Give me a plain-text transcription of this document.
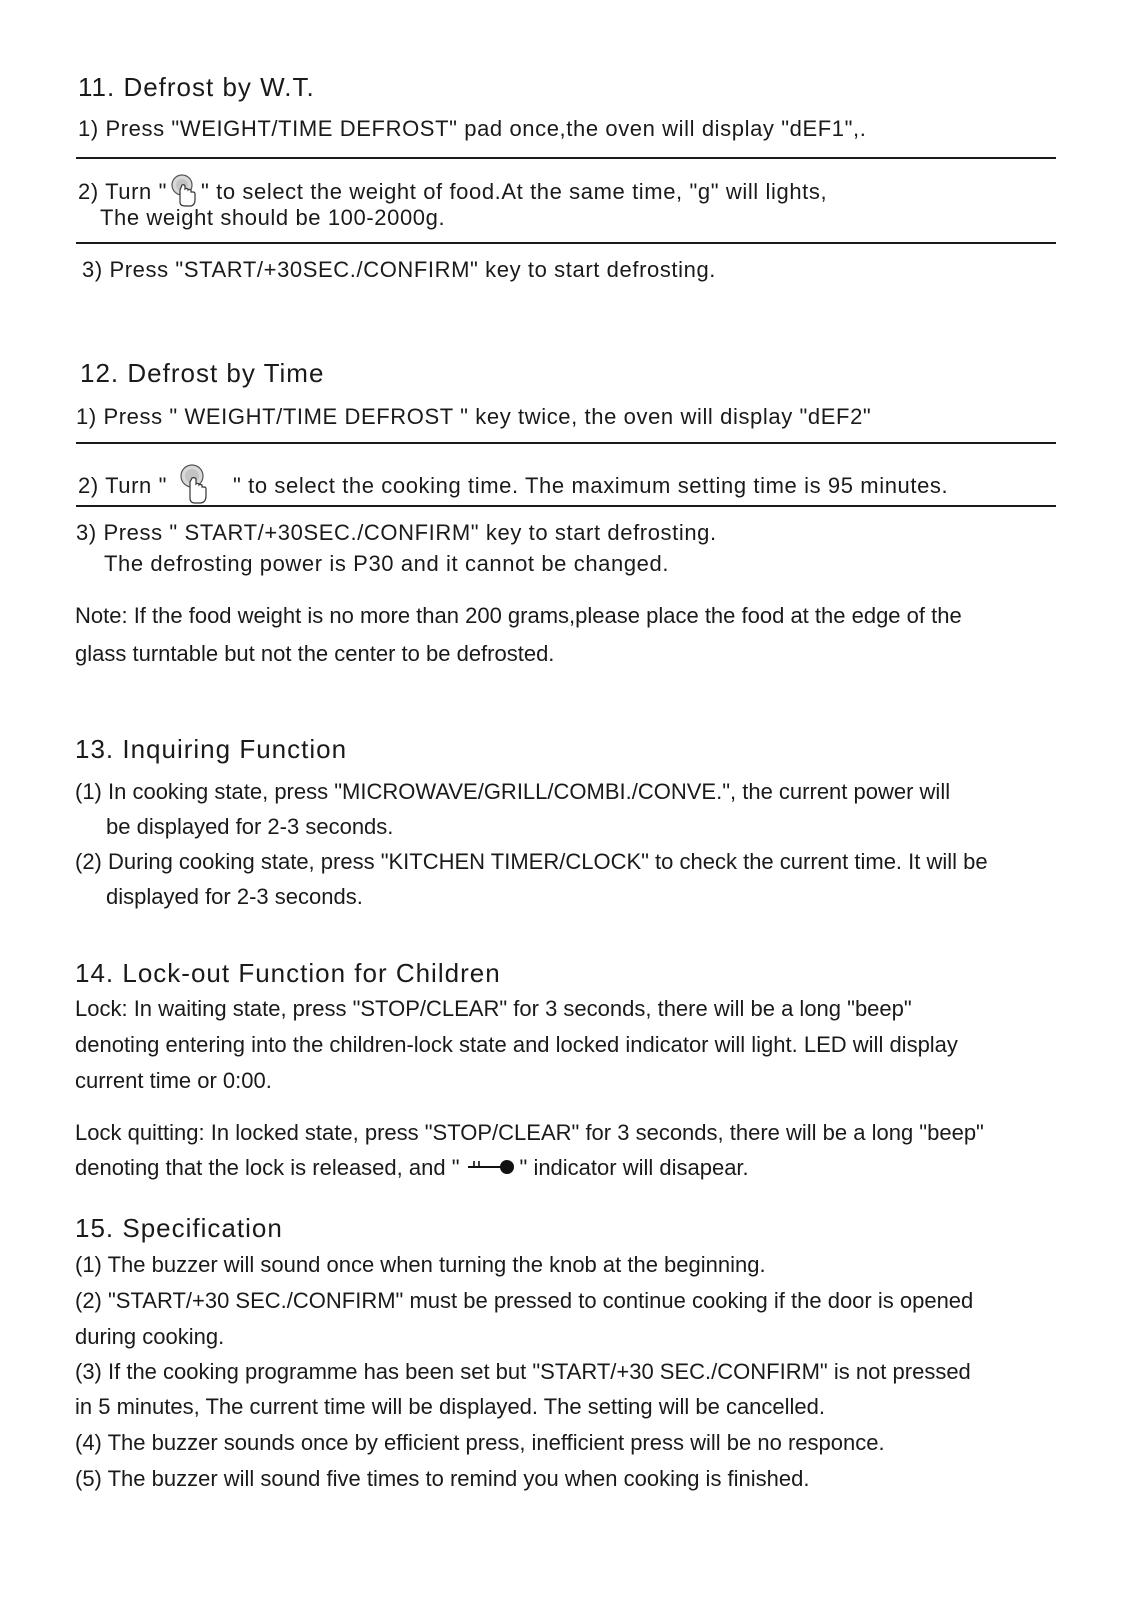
11. Defrost by W.T.
1) Press "WEIGHT/TIME DEFROST" pad once,the oven will display "dEF1",.
2) Turn " " to select the weight of food.At the same time, "g" will lights,
The weight should be 100-2000g.
3) Press "START/+30SEC./CONFIRM" key to start defrosting.
12. Defrost by Time
1) Press " WEIGHT/TIME DEFROST " key twice, the oven will display "dEF2"
2) Turn "	" to select the cooking time. The maximum setting time is 95 minutes.
3) Press " START/+30SEC./CONFIRM" key to start defrosting.
The defrosting power is P30 and it cannot be changed.
Note: If the food weight is no more than 200 grams,please place the food at the edge of the
glass turntable but not the center to be defrosted.
13. Inquiring Function
(1) In cooking state, press "MICROWAVE/GRILL/COMBI./CONVE.", the current power will
be displayed for 2-3 seconds.
(2) During cooking state, press "KITCHEN TIMER/CLOCK" to check the current time. It will be
displayed for 2-3 seconds.
14. Lock-out Function for Children
Lock: In waiting state, press "STOP/CLEAR" for 3 seconds, there will be a long "beep"
denoting entering into the children-lock state and locked indicator will light. LED will display
current time or 0:00.
Lock quitting: In locked state, press "STOP/CLEAR" for 3 seconds, there will be a long "beep"
denoting that the lock is released, and "	" indicator will disapear.
15. Specification
(1) The buzzer will sound once when turning the knob at the beginning.
(2) "START/+30 SEC./CONFIRM" must be pressed to continue cooking if the door is opened
during cooking.
(3) If the cooking programme has been set but "START/+30 SEC./CONFIRM" is not pressed
in 5 minutes, The current time will be displayed. The setting will be cancelled.
(4) The buzzer sounds once by efficient press, inefficient press will be no responce.
(5) The buzzer will sound five times to remind you when cooking is finished.
